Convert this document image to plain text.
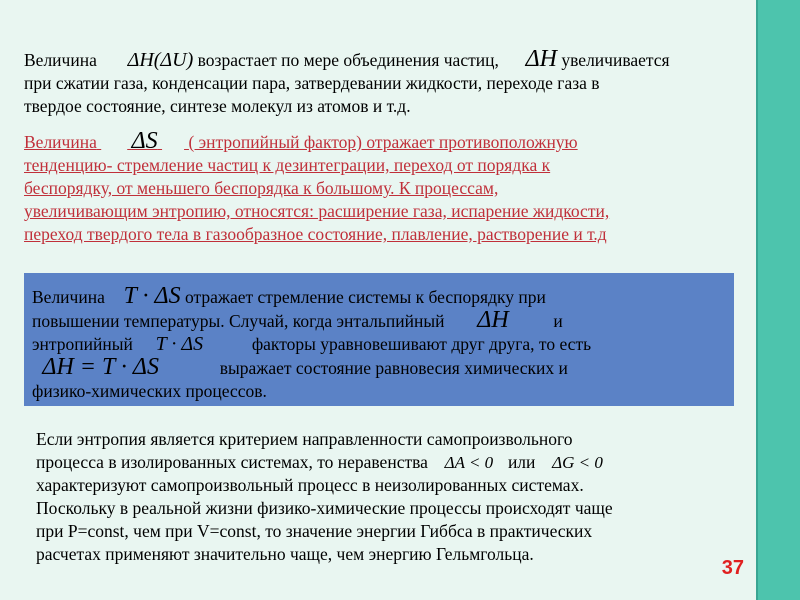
Величина ΔH(ΔU) возрастает по мере объединения частиц, ΔH увеличивается
при сжатии газа, конденсации пара, затвердевании жидкости, переходе газа в
твердое состояние, синтезе молекул из атомов и т.д.
Величина ΔS ( энтропийный фактор) отражает противоположную
тенденцию- стремление частиц к дезинтеграции, переход от порядка к
беспорядку, от меньшего беспорядка к большому. К процессам,
увеличивающим энтропию, относятся: расширение газа, испарение жидкости,
переход твердого тела в газообразное состояние, плавление, растворение и т.д
Величина T · ΔS отражает стремление системы к беспорядку при
повышении температуры. Случай, когда энтальпийный ΔH	и
энтропийный T · ΔS	факторы уравновешивают друг друга, то есть
ΔH = T · ΔS	выражает состояние равновесия химических и
физико-химических процессов.
Если энтропия является критерием направленности самопроизвольного
процесса в изолированных системах, то неравенства ΔA < 0 или ΔG < 0
характеризуют самопроизвольный процесс в неизолированных системах.
Поскольку в реальной жизни физико-химические процессы происходят чаще
при P=const, чем при V=const, то значение энергии Гиббса в практических
расчетах применяют значительно чаще, чем энергию Гельмгольца.
37
